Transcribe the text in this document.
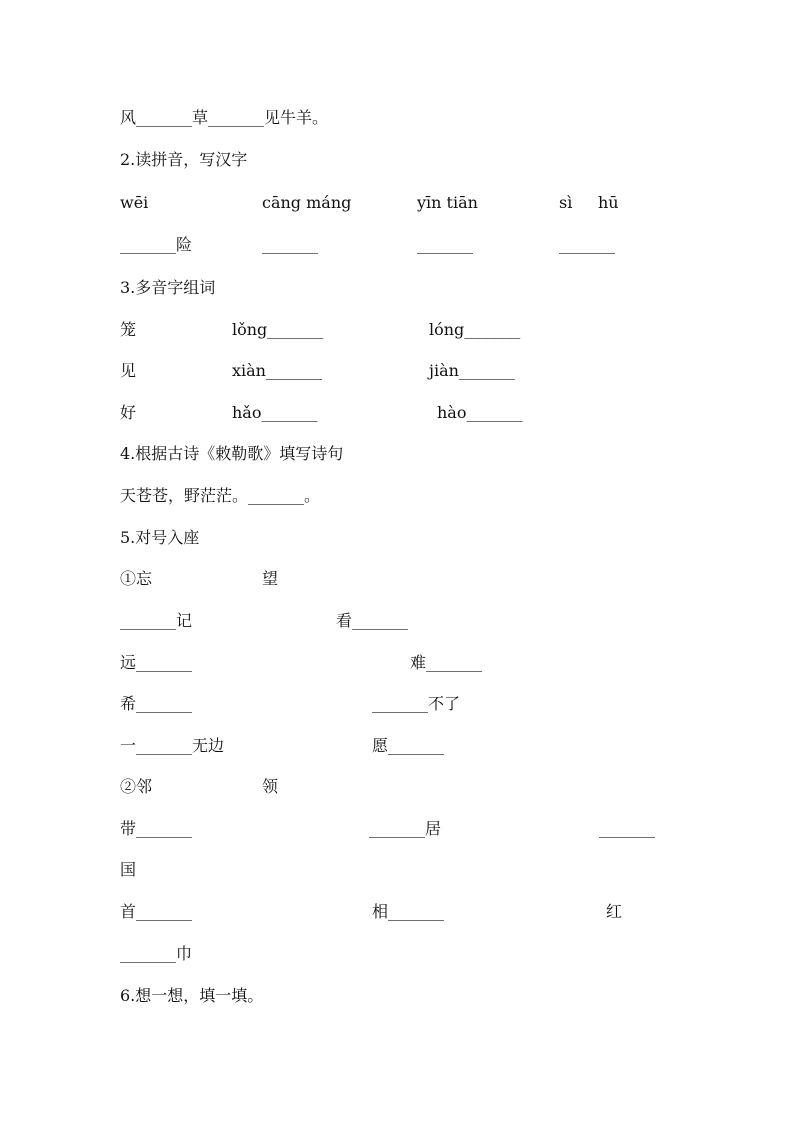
风_______草_______见牛羊。
2.读拼音，写汉字
wēi	cāng máng	yīn tiān	sì hū
_______险	_______	_______	_______
3.多音字组词
笼	lǒng_______	lóng_______
见	xiàn_______	jiàn_______
好	hǎo_______	hào_______
4.根据古诗《敕勒歌》填写诗句
天苍苍，野茫茫。_______。
5.对号入座
①忘	望
_______记	看_______
远_______	难_______
希_______	_______不了
一_______无边	愿_______
②邻	领
带_______	_______居	_______
国
首_______	相_______	红
_______巾
6.想一想，填一填。
